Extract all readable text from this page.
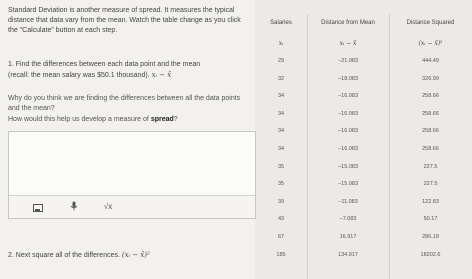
Standard Deviation is another measure of spread. It measures the typical distance that data vary from the mean. Watch the table change as you click the "Calculate" button at each step.
1. Find the differences between each data point and the mean
(recall: the mean salary was $50.1 thousand). xᵢ − x̄
Why do you think we are finding the differences between all the data points and the mean?
How would this help us develop a measure of spread?
√x
2. Next square all of the differences. (xᵢ − x̄)²
Salaries	Distance from Mean	Distance Squared
xᵢ	xᵢ − x̄	(xᵢ − x̄)²
29	−21.083	444.49
32	−18.083	326.99
34	−16.083	258.66
34	−16.083	258.66
34	−16.083	258.66
34	−16.083	258.66
35	−15.083	227.5
35	−15.083	227.5
39	−11.083	122.83
43	−7.083	50.17
67	16.917	286.18
185	134.917	18202.6
